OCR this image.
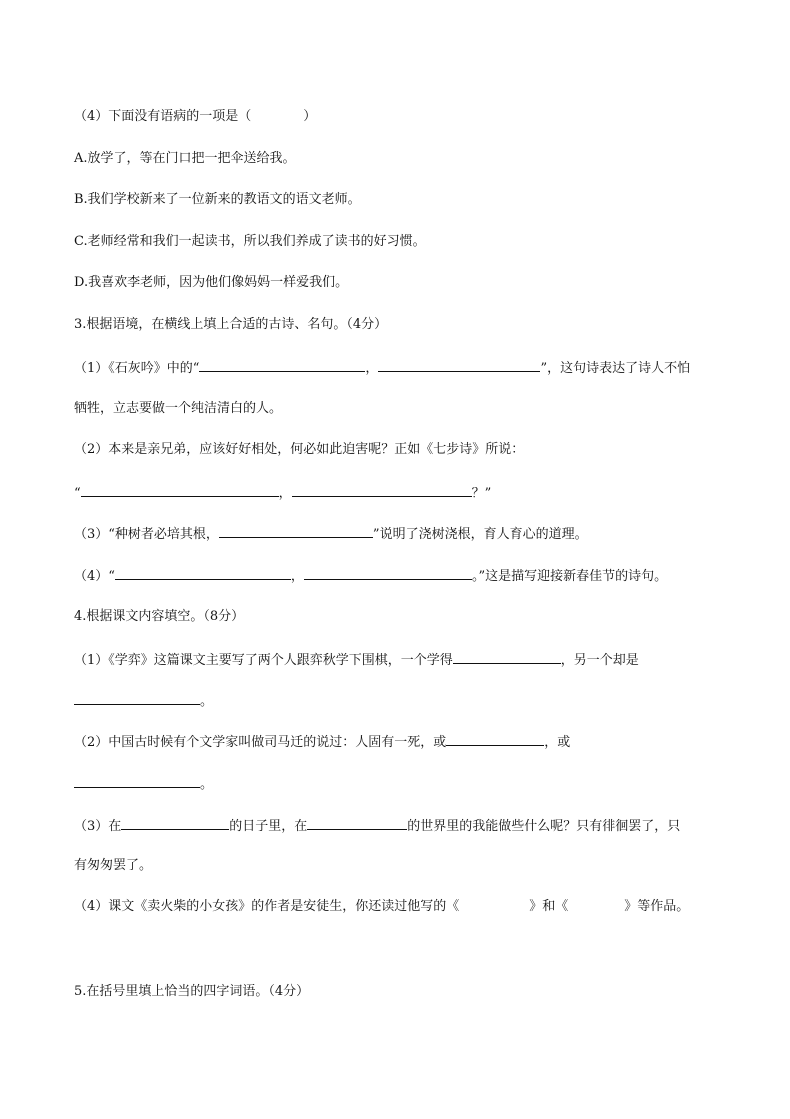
（4）下面没有语病的一项是（	）
A.放学了，等在门口把一把伞送给我。
B.我们学校新来了一位新来的教语文的语文老师。
C.老师经常和我们一起读书，所以我们养成了读书的好习惯。
D.我喜欢李老师，因为他们像妈妈一样爱我们。
3.根据语境，在横线上填上合适的古诗、名句。（4分）
（1）《石灰吟》中的“	，	”，这句诗表达了诗人不怕
牺牲，立志要做一个纯洁清白的人。
（2）本来是亲兄弟，应该好好相处，何必如此迫害呢？正如《七步诗》所说：
“	，	？”
（3）“种树者必培其根，	”说明了浇树浇根，育人育心的道理。
（4）“	，	。”这是描写迎接新春佳节的诗句。
4.根据课文内容填空。（8分）
（1）《学弈》这篇课文主要写了两个人跟弈秋学下围棋，一个学得	，另一个却是
。
（2）中国古时候有个文学家叫做司马迁的说过：人固有一死，或	，或
。
（3）在	的日子里，在	的世界里的我能做些什么呢？只有徘徊罢了，只
有匆匆罢了。
（4）课文《卖火柴的小女孩》的作者是安徒生，你还读过他写的《	》和《	》等作品。
5.在括号里填上恰当的四字词语。（4分）
